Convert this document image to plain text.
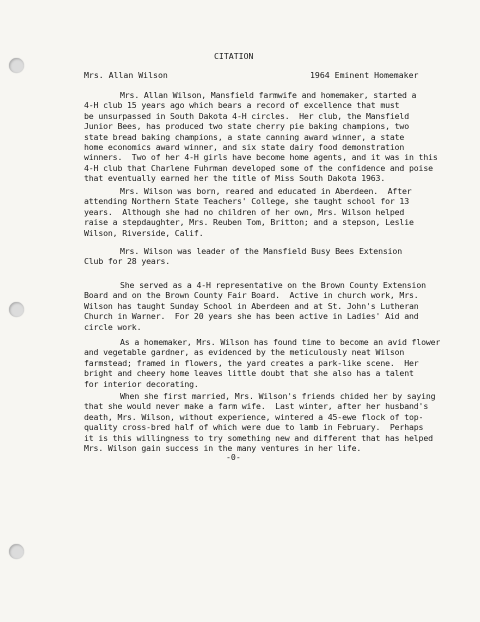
CITATION
Mrs. Allan Wilson	1964 Eminent Homemaker
Mrs. Allan Wilson, Mansfield farmwife and homemaker, started a
4-H club 15 years ago which bears a record of excellence that must
be unsurpassed in South Dakota 4-H circles.  Her club, the Mansfield
Junior Bees, has produced two state cherry pie baking champions, two
state bread baking champions, a state canning award winner, a state
home economics award winner, and six state dairy food demonstration
winners.  Two of her 4-H girls have become home agents, and it was in this
4-H club that Charlene Fuhrman developed some of the confidence and poise
that eventually earned her the title of Miss South Dakota 1963.
Mrs. Wilson was born, reared and educated in Aberdeen.  After
attending Northern State Teachers' College, she taught school for 13
years.  Although she had no children of her own, Mrs. Wilson helped
raise a stepdaughter, Mrs. Reuben Tom, Britton; and a stepson, Leslie
Wilson, Riverside, Calif.
Mrs. Wilson was leader of the Mansfield Busy Bees Extension
Club for 28 years.
She served as a 4-H representative on the Brown County Extension
Board and on the Brown County Fair Board.  Active in church work, Mrs.
Wilson has taught Sunday School in Aberdeen and at St. John's Lutheran
Church in Warner.  For 20 years she has been active in Ladies' Aid and
circle work.
As a homemaker, Mrs. Wilson has found time to become an avid flower
and vegetable gardner, as evidenced by the meticulously neat Wilson
farmstead; framed in flowers, the yard creates a park-like scene.  Her
bright and cheery home leaves little doubt that she also has a talent
for interior decorating.
When she first married, Mrs. Wilson's friends chided her by saying
that she would never make a farm wife.  Last winter, after her husband's
death, Mrs. Wilson, without experience, wintered a 45-ewe flock of top-
quality cross-bred half of which were due to lamb in February.  Perhaps
it is this willingness to try something new and different that has helped
Mrs. Wilson gain success in the many ventures in her life.
-0-
